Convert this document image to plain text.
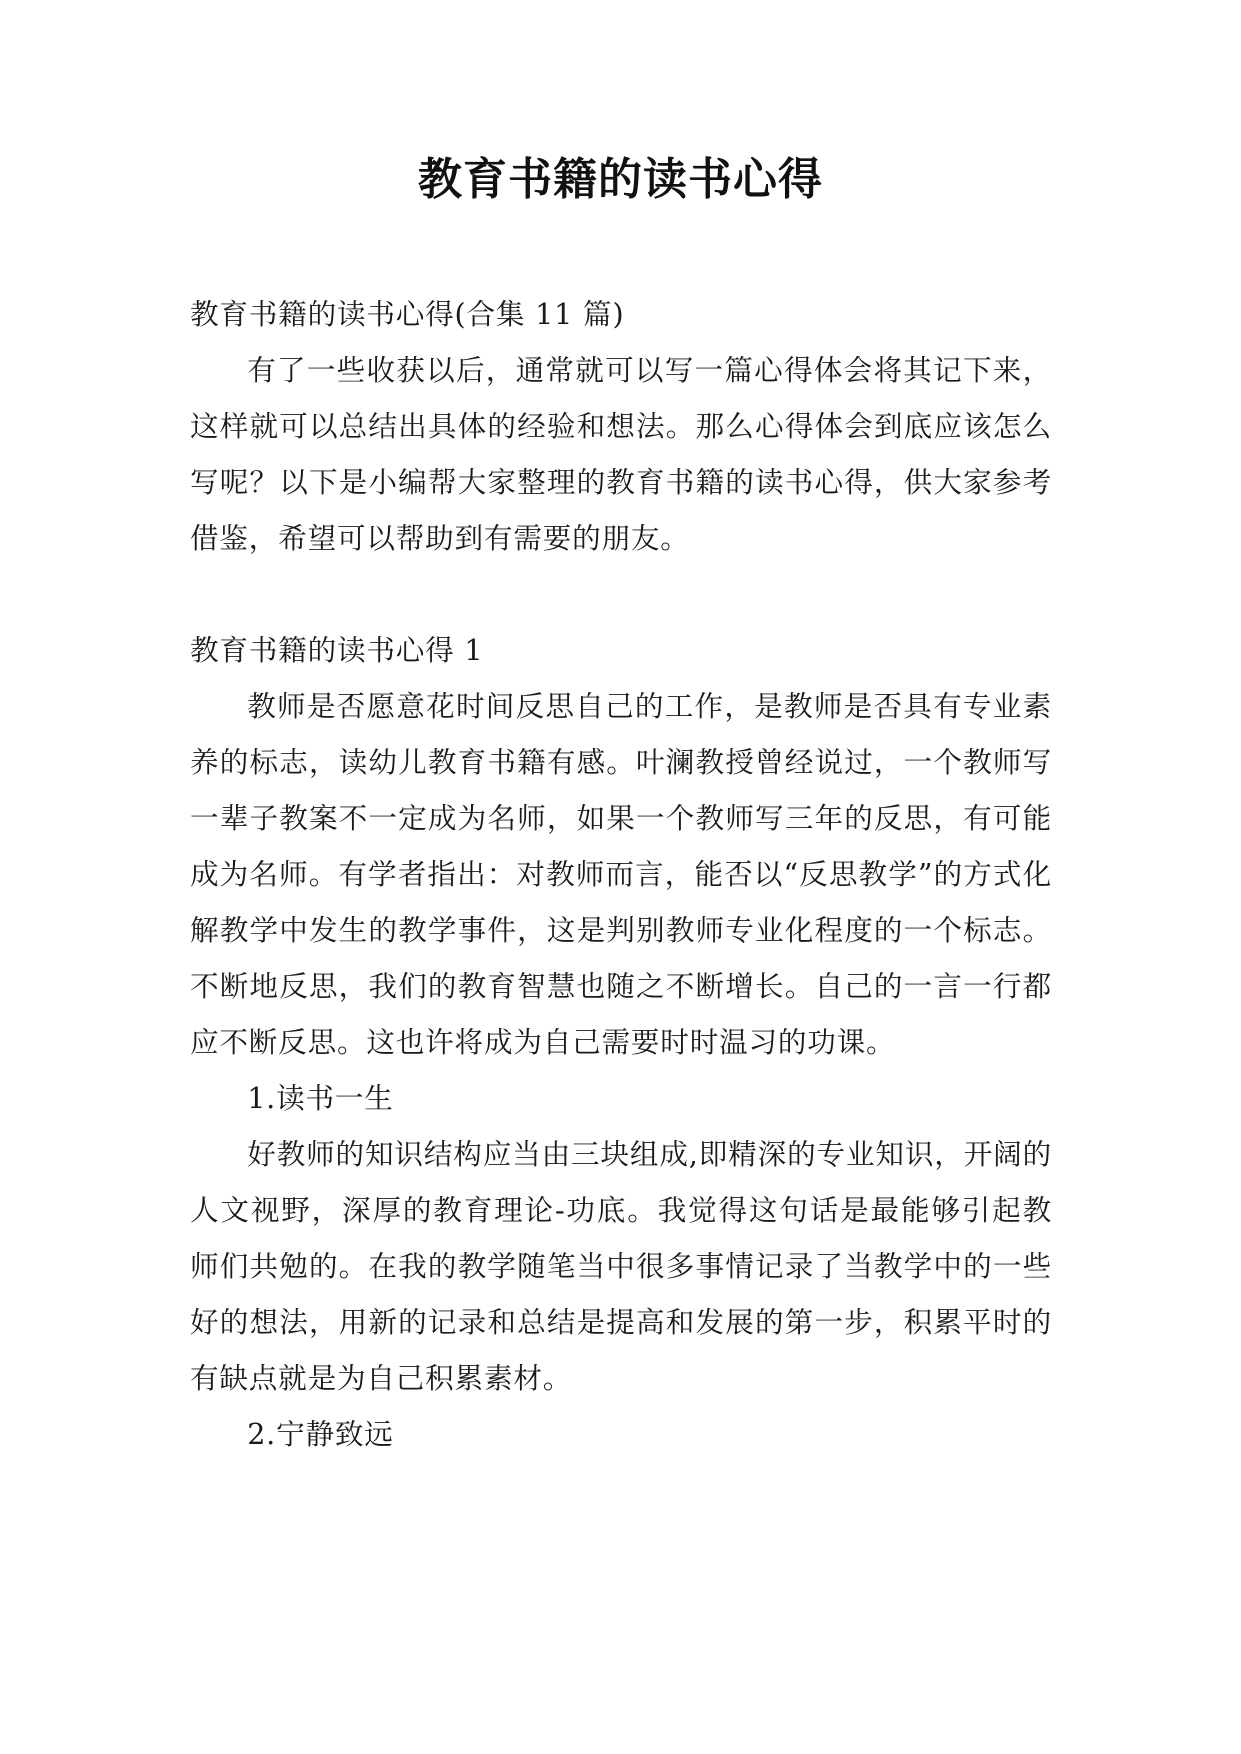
教育书籍的读书心得

教育书籍的读书心得(合集 11 篇)

有了一些收获以后，通常就可以写一篇心得体会将其记下来，这样就可以总结出具体的经验和想法。那么心得体会到底应该怎么写呢？以下是小编帮大家整理的教育书籍的读书心得，供大家参考借鉴，希望可以帮助到有需要的朋友。

教育书籍的读书心得 1

教师是否愿意花时间反思自己的工作，是教师是否具有专业素养的标志，读幼儿教育书籍有感。叶澜教授曾经说过，一个教师写一辈子教案不一定成为名师，如果一个教师写三年的反思，有可能成为名师。有学者指出：对教师而言，能否以“反思教学”的方式化解教学中发生的教学事件，这是判别教师专业化程度的一个标志。不断地反思，我们的教育智慧也随之不断增长。自己的一言一行都应不断反思。这也许将成为自己需要时时温习的功课。

1.读书一生

好教师的知识结构应当由三块组成,即精深的专业知识，开阔的人文视野，深厚的教育理论-功底。我觉得这句话是最能够引起教师们共勉的。在我的教学随笔当中很多事情记录了当教学中的一些好的想法，用新的记录和总结是提高和发展的第一步，积累平时的有缺点就是为自己积累素材。

2.宁静致远
